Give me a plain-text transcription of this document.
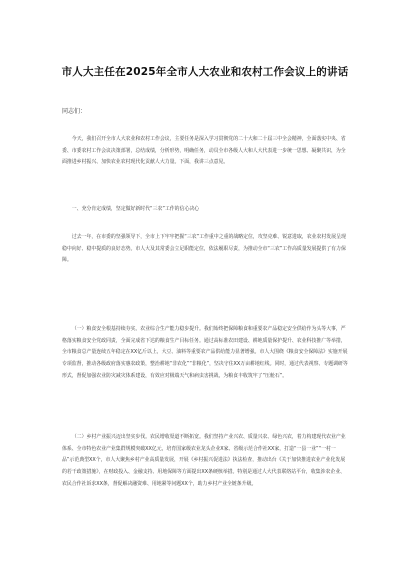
市人大主任在2025年全市人大农业和农村工作会议上的讲话
同志们：

今天，我们召开全市人大农业和农村工作会议，主要任务是深入学习贯彻党的二十大和二十届三中全会精神，全面落实中央、省委、市委农村工作会议决策部署，总结成绩，分析形势，明确任务，动员全市各级人大和人大代表进一步统一思想、凝聚共识，为全面推进乡村振兴、加快农业农村现代化贡献人大力量。下面，我讲三点意见。

一、充分肯定成绩，坚定做好新时代“三农”工作的信心决心

过去一年，在市委的坚强领导下，全市上下牢牢把握“三农”工作重中之重的战略定位，攻坚克难、锐意进取，农业农村发展呈现稳中向好、稳中提质的良好态势。市人大及其常委会立足职能定位，依法履职尽责，为推动全市“三农”工作高质量发展提供了有力保障。

（一）粮食安全根基持续夯实。农业综合生产能力稳步提升。我们始终把保障粮食和重要农产品稳定安全供给作为头等大事，严格落实粮食安全党政同责，全面完成省下达的粮食生产目标任务。通过高标准农田建设、耕地质量保护提升、农业科技推广等举措，全市粮食总产量连续五年稳定在XX亿斤以上，大豆、油料等重要农产品供给能力显著增强。市人大围绕《粮食安全保障法》实施开展专项监督，推动各级政府落实惠农政策，整治耕地“非农化”“非粮化”，坚决守住XX万亩耕地红线。同时，通过代表视察、专题调研等形式，督促加强农业防灾减灾体系建设，有效应对极端天气和病虫害挑战，为粮食丰收筑牢了“压舱石”。

（二）乡村产业振兴迈出坚实步伐。农民增收渠道不断拓宽。我们坚持产业兴农、质量兴农、绿色兴农，着力构建现代农业产业体系、全市特色农业产业集群规模突破XX亿元，培育国家级农业龙头企业X家、省级示范合作社XX家，打造“一县一业”“一村一品”示范典型XX个，市人大聚焦乡村产业高质量发展，开展《乡村振兴促进法》执法检查，推动出台《关于加快推进农业产业化发展的若干政策措施》，在财政投入、金融支持、用地保障等方面提出XX条硬核举措。特别是通过人大代表联络站平台，收集涉农企业、农民合作社诉求XX条，督促解决融资难、用地紧等问题XX个，助力乡村产业全链条升级。
